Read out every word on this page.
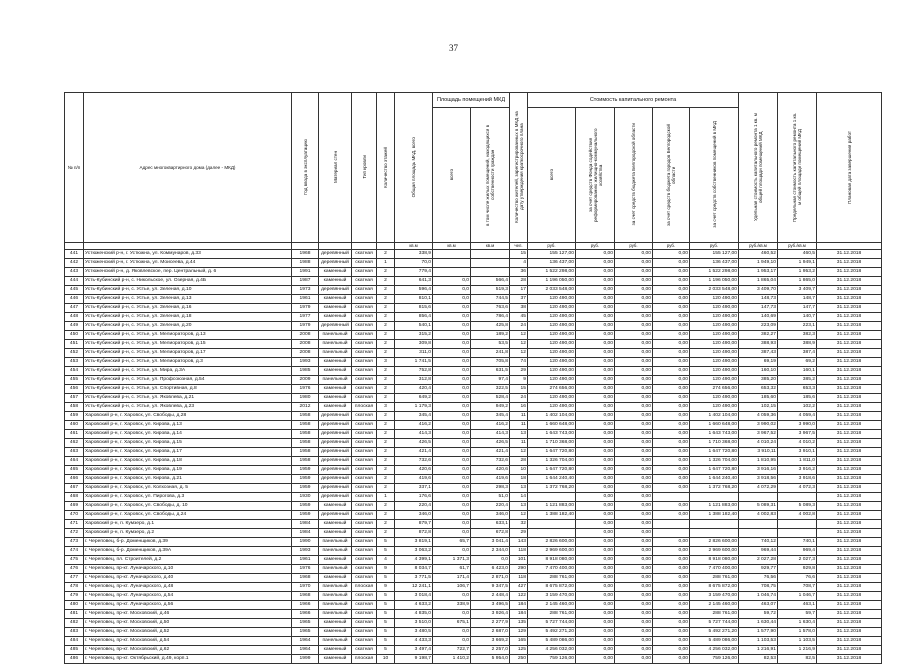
37
№ п/п	Адрес многоквартирного дома (далее - МКД)	Год ввода в эксплуатацию	Материал стен	Тип кровли	Количество этажей	Общая площадь МКД, всего	Площадь помещений МКД		Количество жителей, зарегистрированных в МКД на дату утверждения краткосрочного плана	Стоимость капитального ремонта					Удельная стоимость капитального ремонта 1 кв. м общей площади помещений МКД	Предельная стоимость капитального ремонта 1 кв. м общей площади помещений МКД	Плановая дата завершения работ
							всего	в том числе жилых помещений, находящихся в собственности граждан		всего	за счет средств Фонда содействия реформированию жилищно-коммунального хозяйства	за счет средств бюджета Белгородской области	за счет средств бюджета городов Белгородской области	за счет средств собственников помещений в МКД			
						кв.м	кв.м	кв.м	чел.	руб.	руб.	руб.	руб.	руб.	руб./кв.м	руб./кв.м	
441	Устюженский р-н, г. Устюжна, ул. Коммунаров, д.33	1968	деревянный	скатная	2	338,9			15	155 127,00	0,00	0,00	0,00	155 127,00	460,52	460,5	31.12.2018
442	Устюженский р-н, г. Устюжна, ул. Моисеева, д.44	1988	деревянный	скатная	1	70,0			4	136 437,00	0,00	0,00	0,00	136 437,00	1 949,10	1 949,1	31.12.2018
443	Устюженский р-н, д. Яковлевское, пер. Центральный, д. 6	1991	каменный	скатная	2	779,4			36	1 522 298,00	0,00	0,00	0,00	1 522 298,00	1 953,17	1 953,2	31.12.2018
444	Усть-Кубинский р-н, с. Никольское, ул. Озерная, д.4Б	1987	каменный	скатная	2	641,3	0,0	566,4	28	1 196 050,00	0,00	0,00	0,00	1 196 050,00	1 865,04	1 865,0	31.12.2018
445	Усть-Кубинский р-н, с. Устье, ул. Зеленая, д.10	1973	деревянный	скатная	2	596,4	0,0	519,3	17	2 033 548,00	0,00	0,00	0,00	2 033 548,00	3 409,70	3 409,7	31.12.2018
446	Усть-Кубинский р-н, с. Устье, ул. Зеленая, д.13	1961	каменный	скатная	2	810,1	0,0	744,5	37	120 490,00	0,00	0,00	0,00	120 490,00	148,73	148,7	31.12.2018
447	Усть-Кубинский р-н, с. Устье, ул. Зеленая, д.16	1979	каменный	скатная	2	815,6	0,0	763,6	38	120 490,00	0,00	0,00	0,00	120 490,00	147,73	147,7	31.12.2018
448	Усть-Кубинский р-н, с. Устье, ул. Зеленая, д.18	1977	каменный	скатная	2	856,4	0,0	786,4	45	120 490,00	0,00	0,00	0,00	120 490,00	140,69	140,7	31.12.2018
449	Усть-Кубинский р-н, с. Устье, ул. Зеленая, д.20	1979	деревянный	скатная	2	540,1	0,0	425,8	24	120 490,00	0,00	0,00	0,00	120 490,00	223,09	223,1	31.12.2018
450	Усть-Кубинский р-н, с. Устье, ул. Мелиораторов, д.13	2008	панельный	скатная	2	315,2	0,0	189,2	12	120 490,00	0,00	0,00	0,00	120 490,00	382,27	382,3	31.12.2018
451	Усть-Кубинский р-н, с. Устье, ул. Мелиораторов, д.15	2008	панельный	скатная	2	309,8	0,0	53,5	12	120 490,00	0,00	0,00	0,00	120 490,00	388,93	388,9	31.12.2018
452	Усть-Кубинский р-н, с. Устье, ул. Мелиораторов, д.17	2008	панельный	скатная	2	311,0	0,0	241,8	12	120 490,00	0,00	0,00	0,00	120 490,00	387,43	387,4	31.12.2018
453	Усть-Кубинский р-н, с. Устье, ул. Мелиораторов, д.3	1993	каменный	скатная	3	1 741,5	0,0	705,8	74	120 490,00	0,00	0,00	0,00	120 490,00	69,19	69,2	31.12.2018
454	Усть-Кубинский р-н, с. Устье, ул. Мира, д.3А	1985	каменный	скатная	2	752,8	0,0	631,5	29	120 490,00	0,00	0,00	0,00	120 490,00	160,10	160,1	31.12.2018
455	Усть-Кубинский р-н, с. Устье, ул. Профсоюзная, д.54	2009	панельный	скатная	2	312,8	0,0	97,4	9	120 490,00	0,00	0,00	0,00	120 490,00	385,20	385,2	31.12.2018
456	Усть-Кубинский р-н, с. Устье, ул. Спортивная, д.8	1976	каменный	скатная	2	420,4	0,0	322,5	15	274 656,00	0,00	0,00	0,00	274 656,00	653,32	653,3	31.12.2018
457	Усть-Кубинский р-н, с. Устье, ул. Яковлева, д.21	1980	каменный	скатная	2	649,2	0,0	528,4	24	120 490,00	0,00	0,00	0,00	120 490,00	185,60	185,6	31.12.2018
458	Усть-Кубинский р-н, с. Устье, ул. Яковлева, д.23	2012	каменный	плоская	3	1 179,3	0,0	949,2	16	120 490,00	0,00	0,00	0,00	120 490,00	102,15	102,2	31.12.2018
459	Харовский р-н, г. Харовск, ул. Свободы, д.28	1958	деревянный	скатная	2	345,4	0,0	345,4	11	1 402 104,00	0,00	0,00	0,00	1 402 104,00	4 059,36	4 059,4	31.12.2018
460	Харовский р-н, г. Харовск, ул. Кирова, д.13	1958	деревянный	скатная	2	416,2	0,0	416,2	11	1 660 648,00	0,00	0,00	0,00	1 660 648,00	3 990,02	3 990,0	31.12.2018
461	Харовский р-н, г. Харовск, ул. Кирова, д.14	1958	деревянный	скатная	2	414,3	0,0	414,3	13	1 643 743,00	0,00	0,00	0,00	1 643 743,00	3 967,52	3 967,5	31.12.2018
462	Харовский р-н, г. Харовск, ул. Кирова, д.15	1958	деревянный	скатная	2	426,5	0,0	426,5	11	1 710 368,00	0,00	0,00	0,00	1 710 368,00	4 010,24	4 010,2	31.12.2018
463	Харовский р-н, г. Харовск, ул. Кирова, д.17	1958	деревянный	скатная	2	421,4	0,0	421,4	12	1 647 720,80	0,00	0,00	0,00	1 647 720,80	3 910,11	3 910,1	31.12.2018
464	Харовский р-н, г. Харовск, ул. Кирова, д.18	1958	деревянный	скатная	2	732,6	0,0	732,6	28	1 326 704,00	0,00	0,00	0,00	1 326 704,00	1 810,95	1 811,0	31.12.2018
465	Харовский р-н, г. Харовск, ул. Кирова, д.19	1959	деревянный	скатная	2	420,6	0,0	420,6	10	1 647 720,80	0,00	0,00	0,00	1 647 720,80	3 916,16	3 916,2	31.12.2018
466	Харовский р-н, г. Харовск, ул. Кирова, д.21	1959	деревянный	скатная	2	419,6	0,0	419,6	18	1 644 240,40	0,00	0,00	0,00	1 644 240,40	3 918,56	3 918,6	31.12.2018
467	Харовский р-н, г. Харовск, ул. Колхозная, д. 5	1959	деревянный	скатная	2	337,1	0,0	298,3	13	1 372 768,20	0,00	0,00	0,00	1 372 768,20	4 072,29	4 072,3	31.12.2018
468	Харовский р-н, г. Харовск, ул. Пирогова, д.3	1930	деревянный	скатная	1	176,6	0,0	51,0	14		0,00	0,00					31.12.2018
469	Харовский р-н, г. Харовск, ул. Свободы, д. 10	1959	каменный	скатная	2	220,4	0,0	220,4	13	1 121 883,00	0,00	0,00	0,00	1 121 883,00	5 089,31	5 089,3	31.12.2018
470	Харовский р-н, г. Харовск, ул. Свободы, д.24	1959	деревянный	скатная	2	346,0	0,0	346,0	12	1 388 182,40	0,00	0,00	0,00	1 388 182,40	4 002,83	4 002,8	31.12.2018
471	Харовский р-н, п. Кумзеро, д.1	1984	каменный	скатная	2	879,7	0,0	633,1	32		0,00	0,00					31.12.2018
472	Харовский р-н, п. Кумзеро, д.2	1984	каменный	скатная	2	872,8	0,0	672,8	29		0,00	0,00					31.12.2018
473	г. Череповец, б-р. Доменщиков, д.39	1990	панельный	скатная	5	3 819,1	65,7	3 041,4	143	2 826 600,00	0,00	0,00	0,00	2 826 600,00	740,12	740,1	31.12.2018
474	г. Череповец, б-р. Доменщиков, д.39А	1993	панельный	скатная	5	3 063,2	0,0	2 344,0	118	2 969 600,00	0,00	0,00	0,00	2 969 600,00	969,44	969,4	31.12.2018
475	г. Череповец, пл. Строителей, д.2	1961	каменный	скатная	4	4 399,1	1 371,3	0,0	101	8 918 080,00	0,00	0,00	0,00	8 918 080,00	2 027,28	2 027,3	31.12.2018
476	г. Череповец, пр-кт. Луначарского, д.10	1976	панельный	скатная	9	8 034,7	61,7	6 423,0	290	7 470 400,00	0,00	0,00	0,00	7 470 400,00	929,77	929,8	31.12.2018
477	г. Череповец, пр-кт. Луначарского, д.40	1968	каменный	скатная	5	3 771,5	171,4	2 871,0	118	288 761,00	0,00	0,00	0,00	288 761,00	76,56	76,6	31.12.2018
478	г. Череповец, пр-кт. Луначарского, д.48	1970	панельный	плоская	9	12 241,1	106,7	9 347,5	427	8 675 872,00	0,00	0,00	0,00	8 675 872,00	708,75	708,7	31.12.2018
479	г. Череповец, пр-кт. Луначарского, д.54	1968	панельный	скатная	5	3 018,4	0,0	2 448,4	122	3 159 470,00	0,00	0,00	0,00	3 159 470,00	1 046,74	1 046,7	31.12.2018
480	г. Череповец, пр-кт. Луначарского, д.56	1966	панельный	скатная	5	4 633,2	338,9	3 496,5	184	2 145 460,00	0,00	0,00	0,00	2 145 460,00	463,07	463,1	31.12.2018
481	г. Череповец, пр-кт. Московский, д.46	1966	панельный	скатная	5	4 835,0	0,0	3 926,4	184	288 761,00	0,00	0,00	0,00	288 761,00	59,72	59,7	31.12.2018
482	г. Череповец, пр-кт. Московский, д.50	1965	каменный	скатная	5	3 510,0	675,1	2 277,9	135	5 727 744,00	0,00	0,00	0,00	5 727 744,00	1 630,44	1 630,4	31.12.2018
483	г. Череповец, пр-кт. Московский, д.52	1965	каменный	скатная	5	3 480,5	0,0	2 687,0	129	5 492 271,20	0,00	0,00	0,00	5 492 271,20	1 577,90	1 578,0	31.12.2018
484	г. Череповец, пр-кт. Московский, д.54	1964	панельный	скатная	5	4 433,3	0,0	3 669,2	165	5 489 086,00	0,00	0,00	0,00	5 489 086,00	1 103,53	1 103,5	31.12.2018
485	г. Череповец, пр-кт. Московский, д.62	1964	каменный	скатная	5	3 497,4	722,7	2 257,0	125	4 256 032,00	0,00	0,00	0,00	4 256 032,00	1 216,91	1 216,9	31.12.2018
486	г. Череповец, пр-кт. Октябрьский, д.49, корп.1	1999	каменный	плоская	10	9 198,7	1 410,2	5 954,0	250	759 126,00	0,00	0,00	0,00	759 126,00	82,53	82,5	31.12.2018
